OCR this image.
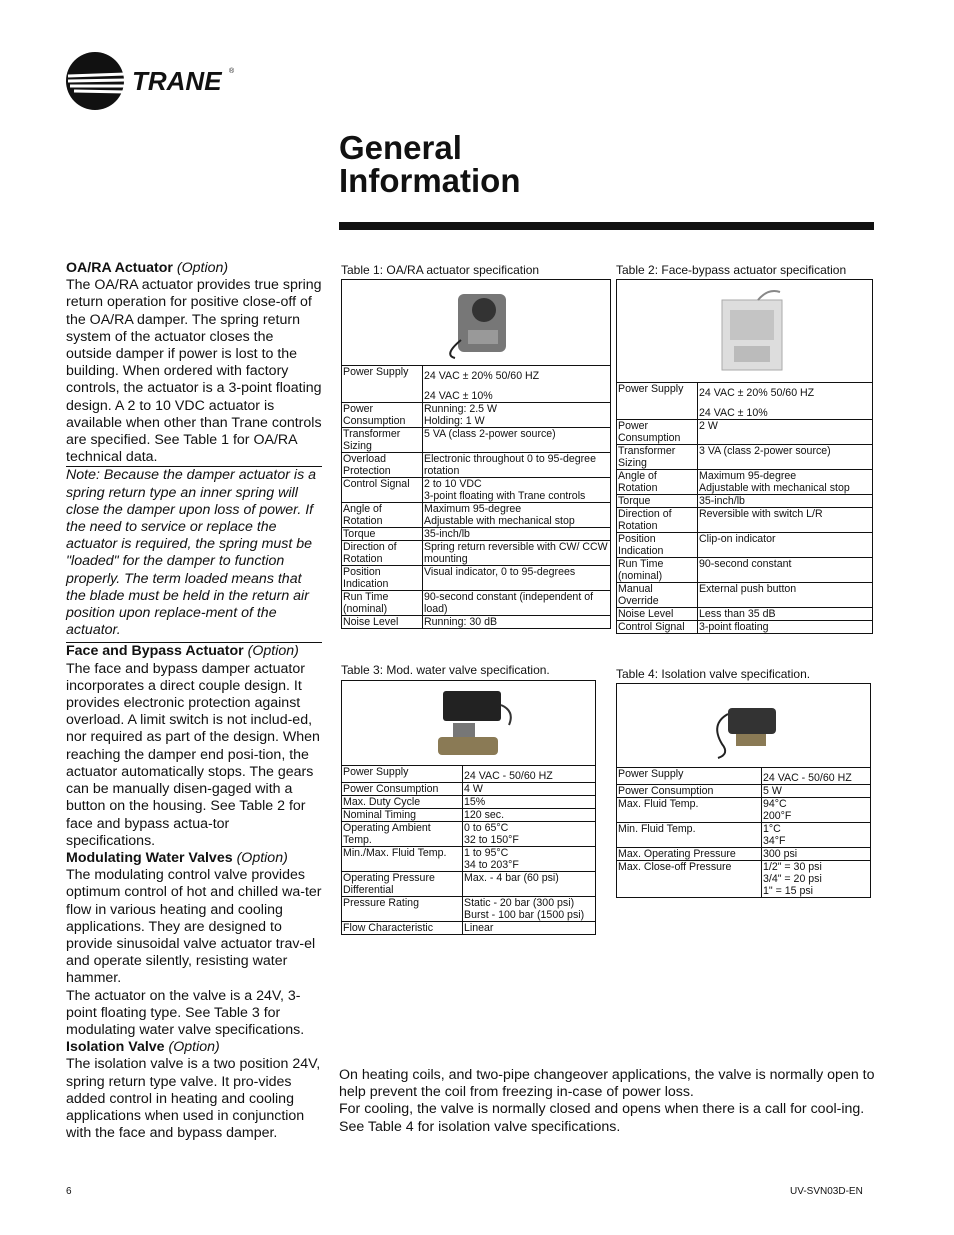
TRANE ®
General
Information

OA/RA Actuator (Option)

The OA/RA actuator provides true spring return operation for positive close-off of the OA/RA damper. The spring return system of the actuator closes the outside damper if power is lost to the building. When ordered with factory controls, the actuator is a 3-point floating design. A 2 to 10 VDC actuator is available when other than Trane controls are specified. See Table 1 for OA/RA technical data.

Note: Because the damper actuator is a spring return type an inner spring will close the damper upon loss of power. If the need to service or replace the actuator is required, the spring must be "loaded" for the damper to function properly. The term loaded means that the blade must be held in the return air position upon replace-ment of the actuator.

Face and Bypass Actuator (Option)

The face and bypass damper actuator incorporates a direct couple design. It provides electronic protection against overload. A limit switch is not includ-ed, nor required as part of the design. When reaching the damper end posi-tion, the actuator automatically stops. The gears can be manually disen-gaged with a button on the housing. See Table 2 for face and bypass actua-tor specifications.

Modulating Water Valves (Option)

The modulating control valve provides optimum control of hot and chilled wa-ter flow in various heating and cooling applications. They are designed to provide sinusoidal valve actuator trav-el and operate silently, resisting water hammer.

The actuator on the valve is a 24V, 3-point floating type. See Table 3 for modulating water valve specifications.

Isolation Valve (Option)

The isolation valve is a two position 24V, spring return type valve. It pro-vides added control in heating and cooling applications when used in conjunction with the face and bypass damper.

Table 1: OA/RA actuator specification

Power Supply	24 VAC ± 20% 50/60 HZ
24 VAC ± 10%

Power Consumption	Running: 2.5 W
Holding: 1 W
Transformer Sizing	5 VA (class 2-power source)
Overload Protection	Electronic throughout 0 to 95-degree rotation
Control Signal	2 to 10 VDC
3-point floating with Trane controls
Angle of Rotation	Maximum 95-degree
Adjustable with mechanical stop
Torque	35-inch/lb
Direction of Rotation	Spring return reversible with CW/ CCW mounting
Position Indication	Visual indicator, 0 to 95-degrees
Run Time (nominal)	90-second constant (independent of load)
Noise Level	Running: 30 dB
Table 2: Face-bypass actuator specification

Power Supply	24 VAC ± 20% 50/60 HZ
24 VAC ± 10%

Power Consumption	2 W
Transformer Sizing	3 VA (class 2-power source)
Angle of Rotation	Maximum 95-degree
Adjustable with mechanical stop
Torque	35-inch/lb
Direction of Rotation	Reversible with switch L/R
Position Indication	Clip-on indicator
Run Time (nominal)	90-second constant
Manual Override	External push button
Noise Level	Less than 35 dB
Control Signal	3-point floating
Table 3: Mod. water valve specification.

Power Supply	24 VAC - 50/60 HZ

Power Consumption	4 W
Max. Duty Cycle	15%
Nominal Timing	120 sec.
Operating Ambient Temp.	0 to 65°C
32 to 150°F
Min./Max. Fluid Temp.	1 to 95°C
34 to 203°F
Operating Pressure Differential	Max. - 4 bar (60 psi)
Pressure Rating	Static - 20 bar (300 psi)
Burst - 100 bar (1500 psi)
Flow Characteristic	Linear
Table 4: Isolation valve specification.

Power Supply	24 VAC - 50/60 HZ

Power Consumption	5 W
Max. Fluid Temp.	94°C
200°F
Min. Fluid Temp.	1°C
34°F
Max. Operating Pressure	300 psi
Max. Close-off Pressure	1/2" = 30 psi
3/4" = 20 psi
1" = 15 psi

On heating coils, and two-pipe changeover applications, the valve is normally open to help prevent the coil from freezing in-case of power loss.

For cooling, the valve is normally closed and opens when there is a call for cool-ing. See Table 4 for isolation valve specifications.

6	UV-SVN03D-EN
